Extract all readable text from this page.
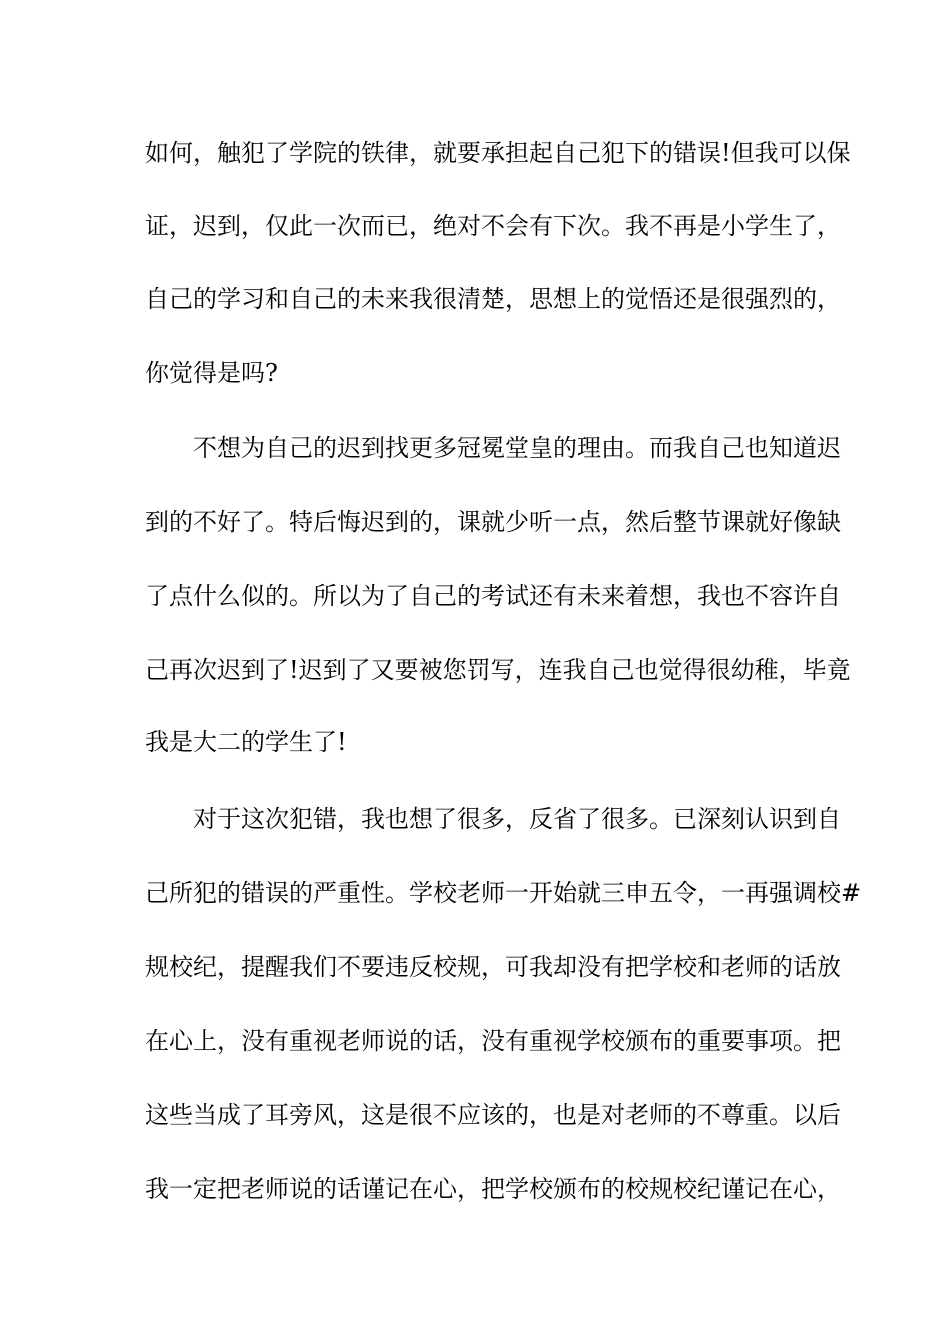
如何，触犯了学院的铁律，就要承担起自己犯下的错误!但我可以保
证，迟到，仅此一次而已，绝对不会有下次。我不再是小学生了，
自己的学习和自己的未来我很清楚，思想上的觉悟还是很强烈的，
你觉得是吗?
不想为自己的迟到找更多冠冕堂皇的理由。而我自己也知道迟
到的不好了。特后悔迟到的，课就少听一点，然后整节课就好像缺
了点什么似的。所以为了自己的考试还有未来着想，我也不容许自
己再次迟到了!迟到了又要被您罚写，连我自己也觉得很幼稚，毕竟
我是大二的学生了!
对于这次犯错，我也想了很多，反省了很多。已深刻认识到自
己所犯的错误的严重性。学校老师一开始就三申五令，一再强调校#
规校纪，提醒我们不要违反校规，可我却没有把学校和老师的话放
在心上，没有重视老师说的话，没有重视学校颁布的重要事项。把
这些当成了耳旁风，这是很不应该的，也是对老师的不尊重。以后
我一定把老师说的话谨记在心，把学校颁布的校规校纪谨记在心，
